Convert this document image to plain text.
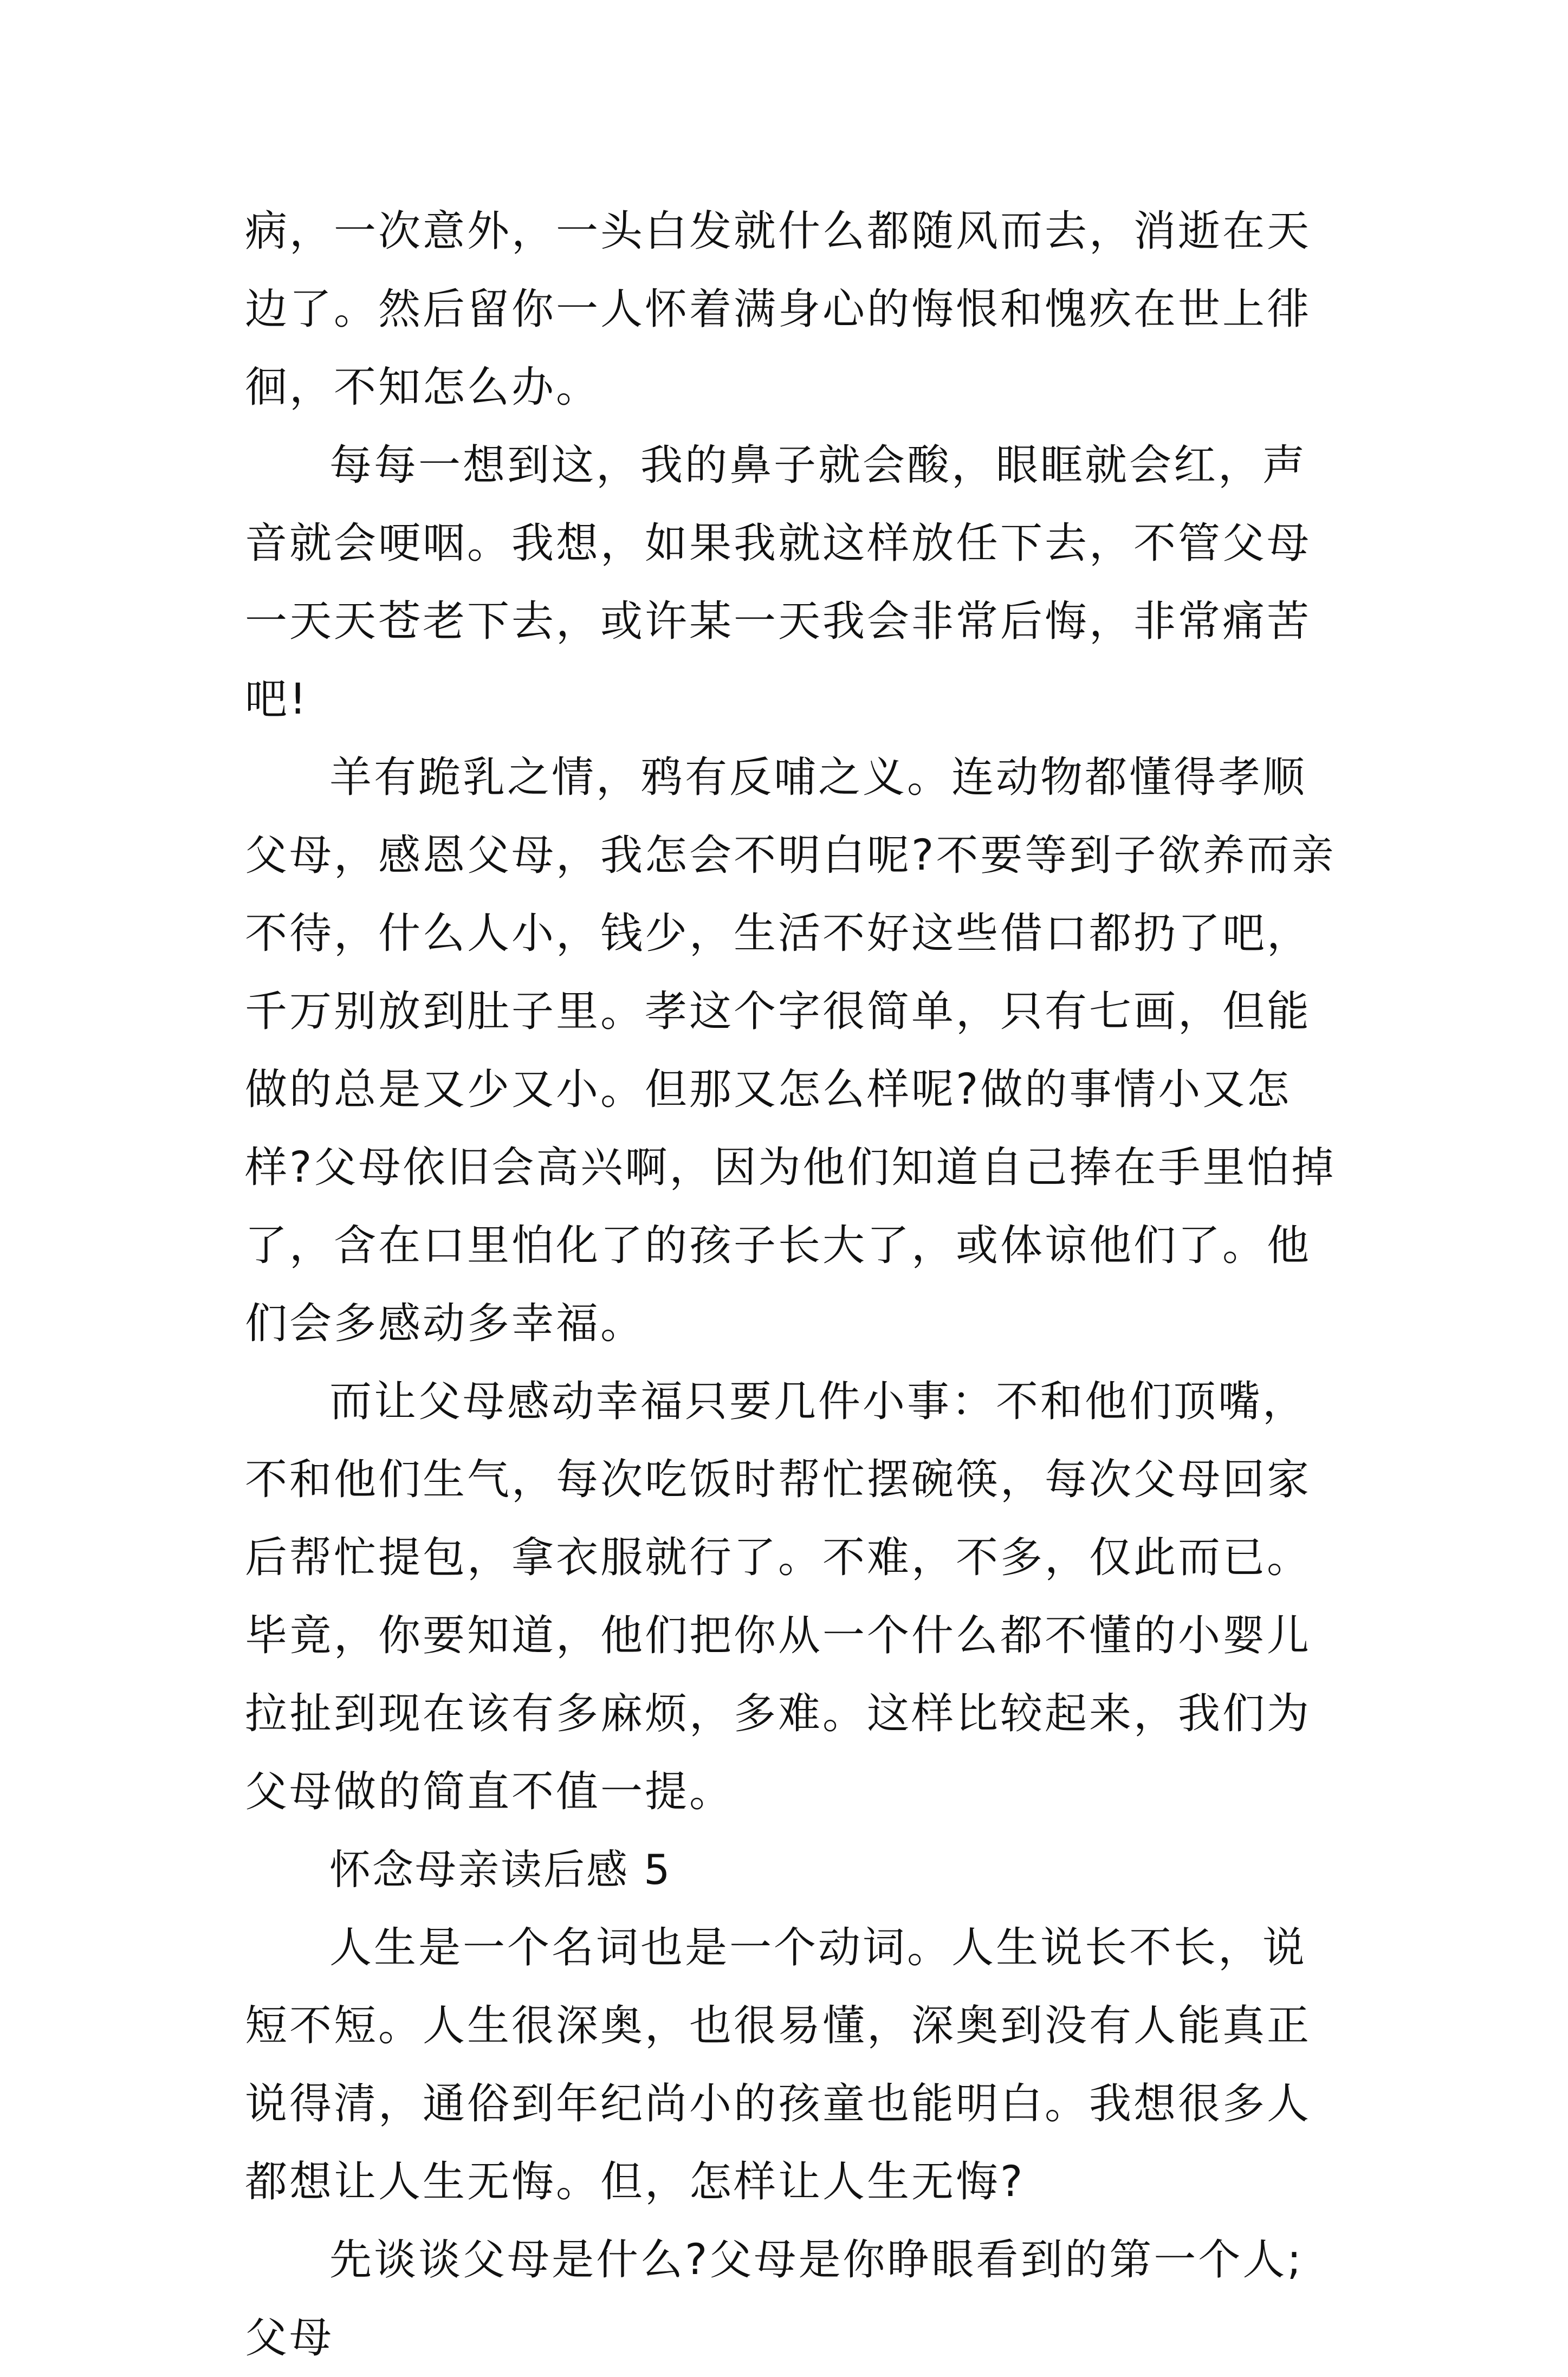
病，一次意外，一头白发就什么都随风而去，消逝在天边了。然后留你一人怀着满身心的悔恨和愧疚在世上徘徊，不知怎么办。

每每一想到这，我的鼻子就会酸，眼眶就会红，声音就会哽咽。我想，如果我就这样放任下去，不管父母一天天苍老下去，或许某一天我会非常后悔，非常痛苦吧!

羊有跪乳之情，鸦有反哺之义。连动物都懂得孝顺父母，感恩父母，我怎会不明白呢?不要等到子欲养而亲不待，什么人小，钱少，生活不好这些借口都扔了吧，千万别放到肚子里。孝这个字很简单，只有七画，但能做的总是又少又小。但那又怎么样呢?做的事情小又怎样?父母依旧会高兴啊，因为他们知道自己捧在手里怕掉了，含在口里怕化了的孩子长大了，或体谅他们了。他们会多感动多幸福。

而让父母感动幸福只要几件小事：不和他们顶嘴，不和他们生气，每次吃饭时帮忙摆碗筷，每次父母回家后帮忙提包，拿衣服就行了。不难，不多，仅此而已。毕竟，你要知道，他们把你从一个什么都不懂的小婴儿拉扯到现在该有多麻烦，多难。这样比较起来，我们为父母做的简直不值一提。

怀念母亲读后感 5

人生是一个名词也是一个动词。人生说长不长，说短不短。人生很深奥，也很易懂，深奥到没有人能真正说得清，通俗到年纪尚小的孩童也能明白。我想很多人都想让人生无悔。但，怎样让人生无悔?

先谈谈父母是什么?父母是你睁眼看到的第一个人;父母
